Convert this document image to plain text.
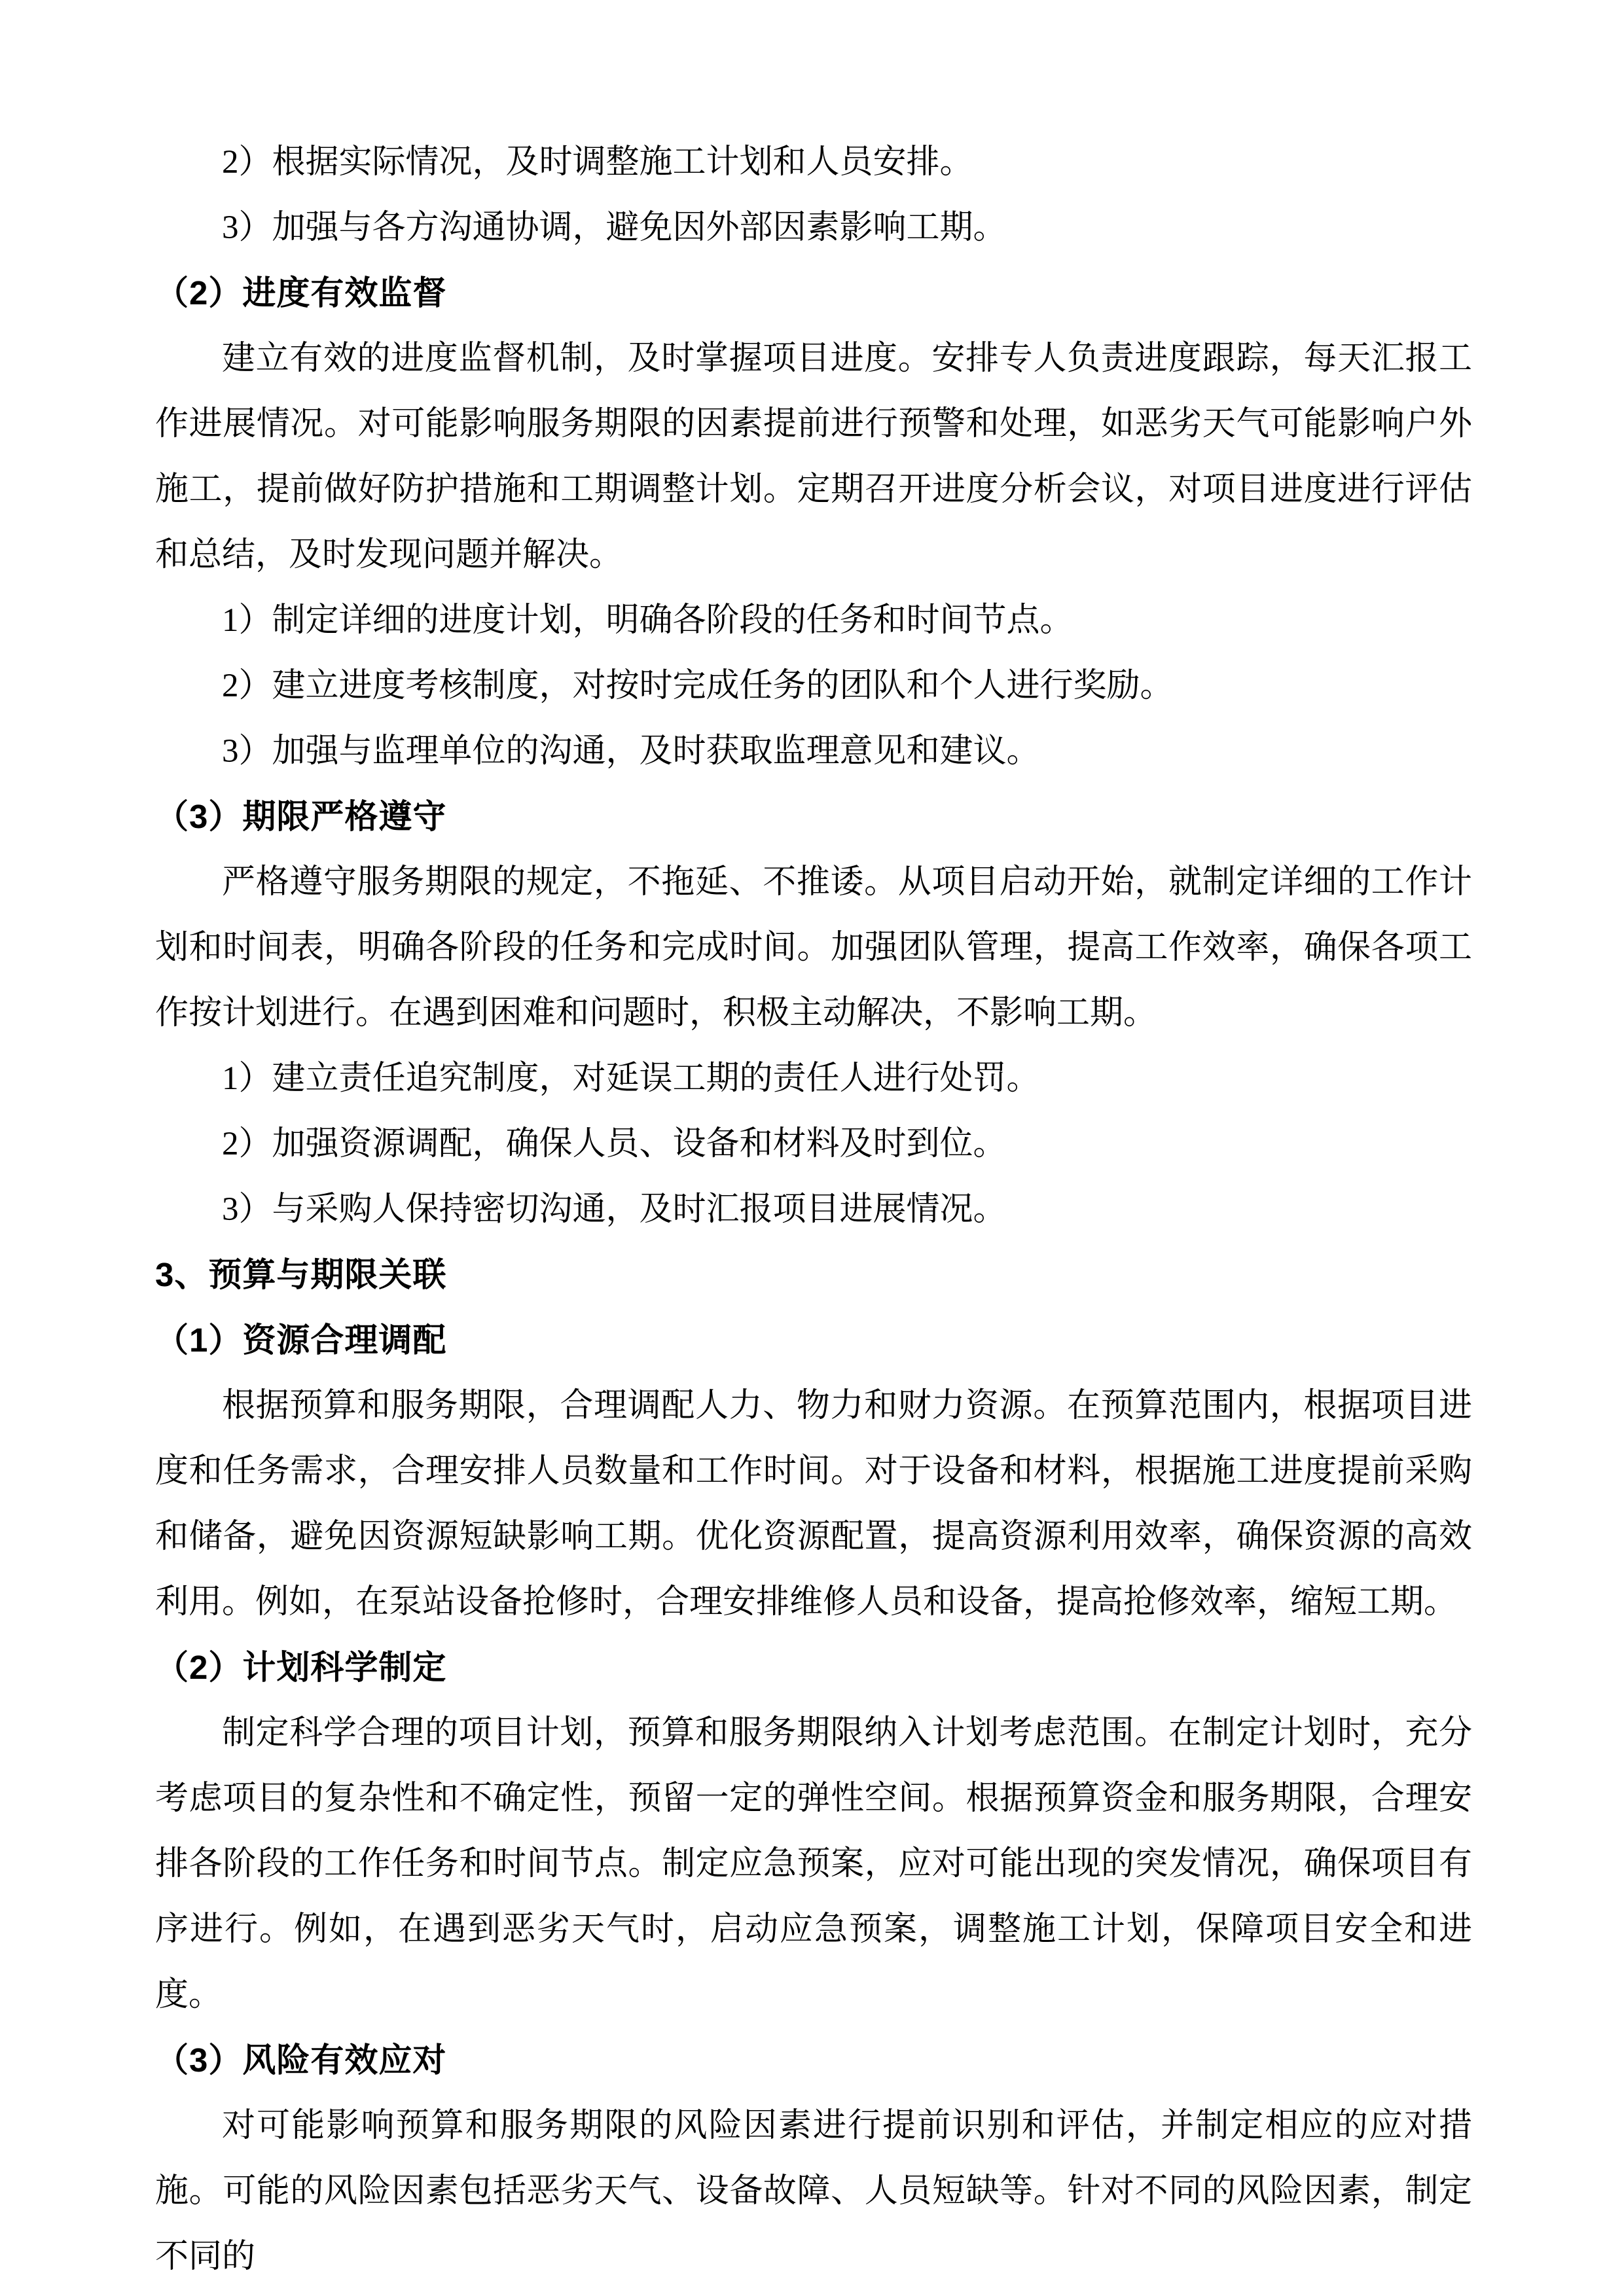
2）根据实际情况，及时调整施工计划和人员安排。

3）加强与各方沟通协调，避免因外部因素影响工期。

（2）进度有效监督

建立有效的进度监督机制，及时掌握项目进度。安排专人负责进度跟踪，每天汇报工作进展情况。对可能影响服务期限的因素提前进行预警和处理，如恶劣天气可能影响户外施工，提前做好防护措施和工期调整计划。定期召开进度分析会议，对项目进度进行评估和总结，及时发现问题并解决。

1）制定详细的进度计划，明确各阶段的任务和时间节点。

2）建立进度考核制度，对按时完成任务的团队和个人进行奖励。

3）加强与监理单位的沟通，及时获取监理意见和建议。

（3）期限严格遵守

严格遵守服务期限的规定，不拖延、不推诿。从项目启动开始，就制定详细的工作计划和时间表，明确各阶段的任务和完成时间。加强团队管理，提高工作效率，确保各项工作按计划进行。在遇到困难和问题时，积极主动解决，不影响工期。

1）建立责任追究制度，对延误工期的责任人进行处罚。

2）加强资源调配，确保人员、设备和材料及时到位。

3）与采购人保持密切沟通，及时汇报项目进展情况。

3、预算与期限关联

（1）资源合理调配

根据预算和服务期限，合理调配人力、物力和财力资源。在预算范围内，根据项目进度和任务需求，合理安排人员数量和工作时间。对于设备和材料，根据施工进度提前采购和储备，避免因资源短缺影响工期。优化资源配置，提高资源利用效率，确保资源的高效利用。例如，在泵站设备抢修时，合理安排维修人员和设备，提高抢修效率，缩短工期。

（2）计划科学制定

制定科学合理的项目计划，预算和服务期限纳入计划考虑范围。在制定计划时，充分考虑项目的复杂性和不确定性，预留一定的弹性空间。根据预算资金和服务期限，合理安排各阶段的工作任务和时间节点。制定应急预案，应对可能出现的突发情况，确保项目有序进行。例如，在遇到恶劣天气时，启动应急预案，调整施工计划，保障项目安全和进度。

（3）风险有效应对

对可能影响预算和服务期限的风险因素进行提前识别和评估，并制定相应的应对措施。可能的风险因素包括恶劣天气、设备故障、人员短缺等。针对不同的风险因素，制定不同的
